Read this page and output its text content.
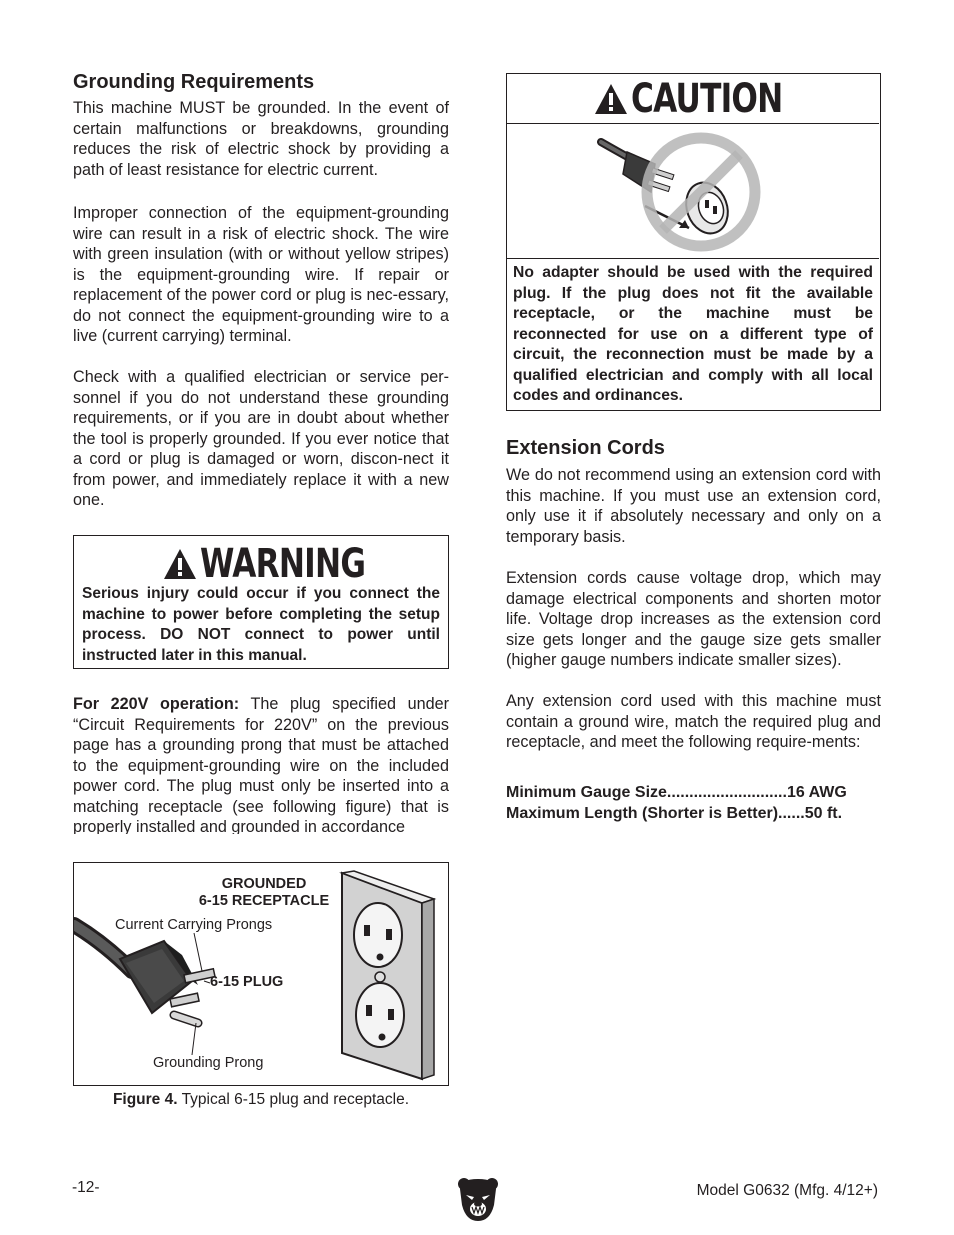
Grounding Requirements

This machine MUST be grounded. In the event of certain malfunctions or breakdowns, grounding reduces the risk of electric shock by providing a path of least resistance for electric current.

Improper connection of the equipment-grounding wire can result in a risk of electric shock. The wire with green insulation (with or without yellow stripes) is the equipment-grounding wire. If repair or replacement of the power cord or plug is nec-essary, do not connect the equipment-grounding wire to a live (current carrying) terminal.

Check with a qualified electrician or service per-sonnel if you do not understand these grounding requirements, or if you are in doubt about whether the tool is properly grounded. If you ever notice that a cord or plug is damaged or worn, discon-nect it from power, and immediately replace it with a new one.

WARNING

Serious injury could occur if you connect the machine to power before completing the setup process. DO NOT connect to power until instructed later in this manual.

For 220V operation: The plug specified under “Circuit Requirements for 220V” on the previous page has a grounding prong that must be attached to the equipment-grounding wire on the included power cord. The plug must only be inserted into a matching receptacle (see following figure) that is properly installed and grounded in accordance

GROUNDED
6-15 RECEPTACLE
Current Carrying Prongs
6-15 PLUG
Grounding Prong
Figure 4. Typical 6-15 plug and receptacle.
CAUTION

No adapter should be used with the required plug. If the plug does not fit the available receptacle, or the machine must be reconnected for use on a different type of circuit, the reconnection must be made by a qualified electrician and comply with all local codes and ordinances.

Extension Cords

We do not recommend using an extension cord with this machine. If you must use an extension cord, only use it if absolutely necessary and only on a temporary basis.

Extension cords cause voltage drop, which may damage electrical components and shorten motor life. Voltage drop increases as the extension cord size gets longer and the gauge size gets smaller (higher gauge numbers indicate smaller sizes).

Any extension cord used with this machine must contain a ground wire, match the required plug and receptacle, and meet the following require-ments:

Minimum Gauge Size...........................16 AWG
Maximum Length (Shorter is Better)......50 ft.
-12-	Model G0632 (Mfg. 4/12+)
